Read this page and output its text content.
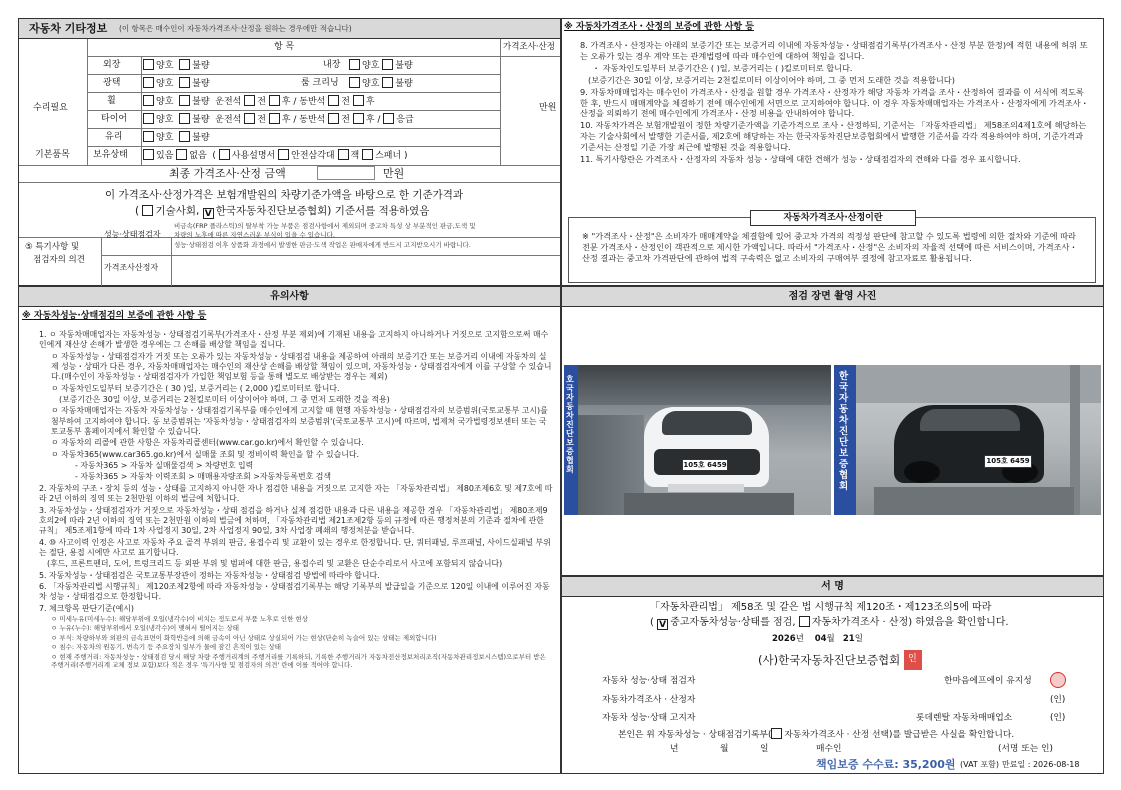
자동차 기타정보 (이 항목은 매수인이 자동차가격조사·산정을 원하는 경우에만 적습니다)
항 목	가격조사·산정
수리필요	만원
외장	양호 불량	내장	양호 불량
광택	양호 불량	룸 크리닝	양호 불량
휠	양호 불량 운전석 전 후 / 동반석 전 후
타이어	양호 불량 운전석 전 후 / 동반석 전 후 / 응급
유리	양호 불량
기본품목	보유상태	있음 없음 ( 사용설명서 안전삼각대 잭 스패너 )
최종 가격조사·산정 금액	만원
이 가격조사·산정가격은 보험개발원의 차량기준가액을 바탕으로 한 기준가격과
( 기술사회, V 한국자동차진단보증협회) 기준서를 적용하였음
⑤ 특기사항 및
점검자의 의견
성능·상태점검자
비금속(FRP 플라스틱)의 탈부착 가능 부품은 점검사항에서 제외되며 중고차 특성 상 부분적인 판금,도색 및
차량의 노후에 따른 자연스러운 부식이 있을 수 있습니다.
성능·상태점검 이후 상품화 과정에서 발생한 판금·도색 작업은 판매자에게 반드시 고지받으시기 바랍니다.
가격조사산정자
※ 자동차가격조사・산정의 보증에 관한 사항 등

8. 가격조사・산정자는 아래의 보증기간 또는 보증거리 이내에 자동차성능・상태점검기록부(가격조사・산정 부분 한정)에 적힌 내용에 허위 또는 오류가 있는 경우 계약 또는 관계법령에 따라 매수인에 대하여 책임을 집니다.

・ 자동차인도일부터 보증기간은 ( )일, 보증거리는 ( )킬로미터로 합니다.

(보증기간은 30일 이상, 보증거리는 2천킬로미터 이상이어야 하며, 그 중 먼저 도래한 것을 적용합니다)

9. 자동차매매업자는 매수인이 가격조사・산정을 원할 경우 가격조사・산정자가 해당 자동차 가격을 조사・산정하여 결과를 이 서식에 적도록 한 후, 반드시 매매계약을 체결하기 전에 매수인에게 서면으로 고지하여야 합니다. 이 경우 자동차매매업자는 가격조사・산정자에게 가격조사・산정을 의뢰하기 전에 매수인에게 가격조사・산정 비용을 안내하여야 합니다.

10. 자동차가격은 보험개발원이 정한 차량기준가액을 기준가격으로 조사・산정하되, 기준서는 「자동차관리법」 제58조의4제1호에 해당하는 자는 기술사회에서 발행한 기준서를, 제2호에 해당하는 자는 한국자동차진단보증협회에서 발행한 기준서를 각각 적용하여야 하며, 기준가격과 기준서는 산정일 기준 가장 최근에 발행된 것을 적용합니다.

11. 특기사항란은 가격조사・산정자의 자동차 성능・상태에 대한 견해가 성능・상태점검자의 견해와 다를 경우 표시합니다.

자동차가격조사·산정이란
※ "가격조사・산정"은 소비자가 매매계약을 체결함에 있어 중고차 가격의 적정성 판단에 참고할 수 있도록 법령에 의한 절차와 기준에 따라 전문 가격조사・산정인이 객관적으로 제시한 가액입니다. 따라서 "가격조사・산정"은 소비자의 자율적 선택에 따른 서비스이며, 가격조사・산정 결과는 중고차 가격판단에 관하여 법적 구속력은 없고 소비자의 구매여부 결정에 참고자료로 활용됩니다.
유의사항
※ 자동차성능·상태점검의 보증에 관한 사항 등

1. ㅇ 자동차매매업자는 자동차성능・상태점검기록부(가격조사・산정 부분 제외)에 기재된 내용을 고지하지 아니하거나 거짓으로 고지함으로써 매수인에게 재산상 손해가 발생한 경우에는 그 손해를 배상할 책임을 집니다.

ㅇ 자동차성능・상태점검자가 거짓 또는 오류가 있는 자동차성능・상태점검 내용을 제공하여 아래의 보증기간 또는 보증거리 이내에 자동차의 실제 성능・상태가 다른 경우, 자동차매매업자는 매수인의 재산상 손해를 배상할 책임이 있으며, 자동차성능・상태점검자에게 이를 구상할 수 있습니다.(매수인이 자동차성능・상태점검자가 가입한 책임보험 등을 통해 별도로 배상받는 경우는 제외)

ㅇ 자동차인도일부터 보증기간은 ( 30 )일, 보증거리는 ( 2,000 )킬로미터로 합니다.

(보증기간은 30일 이상, 보증거리는 2천킬로미터 이상이어야 하며, 그 중 먼저 도래한 것을 적용)

ㅇ 자동차매매업자는 자동차 자동차성능・상태점검기록부를 매수인에게 고지할 때 현행 자동차성능・상태점검자의 보증범위(국토교통부 고시)를 첨부하여 고지하여야 합니다. 동 보증범위는 '자동차성능・상태점검자의 보증범위'(국토교통부 고시)에 따르며, 법제처 국가법령정보센터 또는 국토교통부 홈페이지에서 확인할 수 있습니다.

ㅇ 자동차의 리콜에 관한 사항은 자동차리콜센터(www.car.go.kr)에서 확인할 수 있습니다.

ㅇ 자동차365(www.car365.go.kr)에서 실매물 조회 및 정비이력 확인을 할 수 있습니다.

- 자동차365 > 자동차 실매물검색 > 차량번호 입력

- 자동차365 > 자동차 이력조회 > 매매용자량조회 >자동차등록번호 검색

2. 자동차의 구조・장치 등의 성능・상태를 고지하지 아니한 자나 점검한 내용을 거짓으로 고지한 자는 「자동차관리법」 제80조제6호 및 제7호에 따라 2년 이하의 징역 또는 2천만원 이하의 벌금에 처합니다.

3. 자동차성능・상태점검자가 거짓으로 자동차성능・상태 점검을 하거나 실제 점검한 내용과 다른 내용을 제공한 경우 「자동차관리법」 제80조제9호의2에 따라 2년 이하의 징역 또는 2천만원 이하의 벌금에 처하며, 「자동차관리법 제21조제2항 등의 규정에 따른 행정처분의 기준과 절차에 관한 규칙」 제5조제1항에 따라 1차 사업정지 30일, 2차 사업정지 90일, 3차 사업장 폐쇄의 행정처분을 받습니다.

4. ⑩ 사고이력 인정은 사고로 자동차 주요 골격 부위의 판금, 용접수리 및 교환이 있는 경우로 한정합니다. 단, 쿼터패널, 루프패널, 사이드실패널 부위는 절단, 용접 시에만 사고로 표기합니다.

(후드, 프론트펜더, 도어, 트렁크리드 등 외판 부위 및 범퍼에 대한 판금, 용접수리 및 교환은 단순수리로서 사고에 포함되지 않습니다)

5. 자동차성능・상태점검은 국토교통부장관이 정하는 자동차성능・상태점검 방법에 따라야 합니다.

6. 「자동차관리법 시행규칙」 제120조제2항에 따라 자동차성능・상태점검기록부는 해당 기록부의 발급일을 기준으로 120일 이내에 이루어진 자동차 성능・상태점검으로 한정합니다.

7. 체크항목 판단기준(예시)

ㅇ 미세누유(미세누수): 해당부위에 오일(냉각수)이 비치는 정도로서 부품 노후로 인한 현상

ㅇ 누유(누수): 해당부위에서 오일(냉각수)이 맺혀서 떨어지는 상태

ㅇ 부식: 차량하부와 외판의 금속표면이 화학반응에 의해 금속이 아닌 상태로 상실되어 가는 현상(단순히 녹슬어 있는 상태는 제외합니다)

ㅇ 침수: 자동차의 원동기, 변속기 등 주요장치 일부가 물에 잠긴 흔적이 있는 상태

ㅇ 현재 주행거리: 자동차성능・상태점검 당시 해당 차량 주행거리계의 주행거리를 기록하되, 기록한 주행거리가 자동차전산정보처리조직(자동차관리정보시스템)으로부터 받은 주행거리(주행거리계 교체 정보 포함)보다 적은 경우 '특기사항 및 점검자의 의견' 란에 이를 적어야 합니다.

점검 장면 촬영 사진
호국자동차진단보증협회	105호 6459
한국자동차진단보증협회
105호 6459
서 명
「자동차관리법」 제58조 및 같은 법 시행규칙 제120조・제123조의5에 따라
( V 중고자동차성능·상태를 점검, 자동차가격조사 · 산정) 하였음을 확인합니다.
2026년 04월 21일
(사)한국자동차진단보증협회 인
자동차 성능·상태 점검자	한마음에프에이 유지성
자동차가격조사 · 산정자	(인)
자동차 성능·상태 고지자	롯데렌탈 자동차매매업소	(인)
본인은 위 자동차성능 · 상태점검기록부( 자동차가격조사 · 산정 선택)를 발급받은 사실을 확인합니다.
년	월	일	매수인	(서명 또는 인)
책임보증 수수료: 35,200원 (VAT 포함) 만료일 : 2026-08-18
